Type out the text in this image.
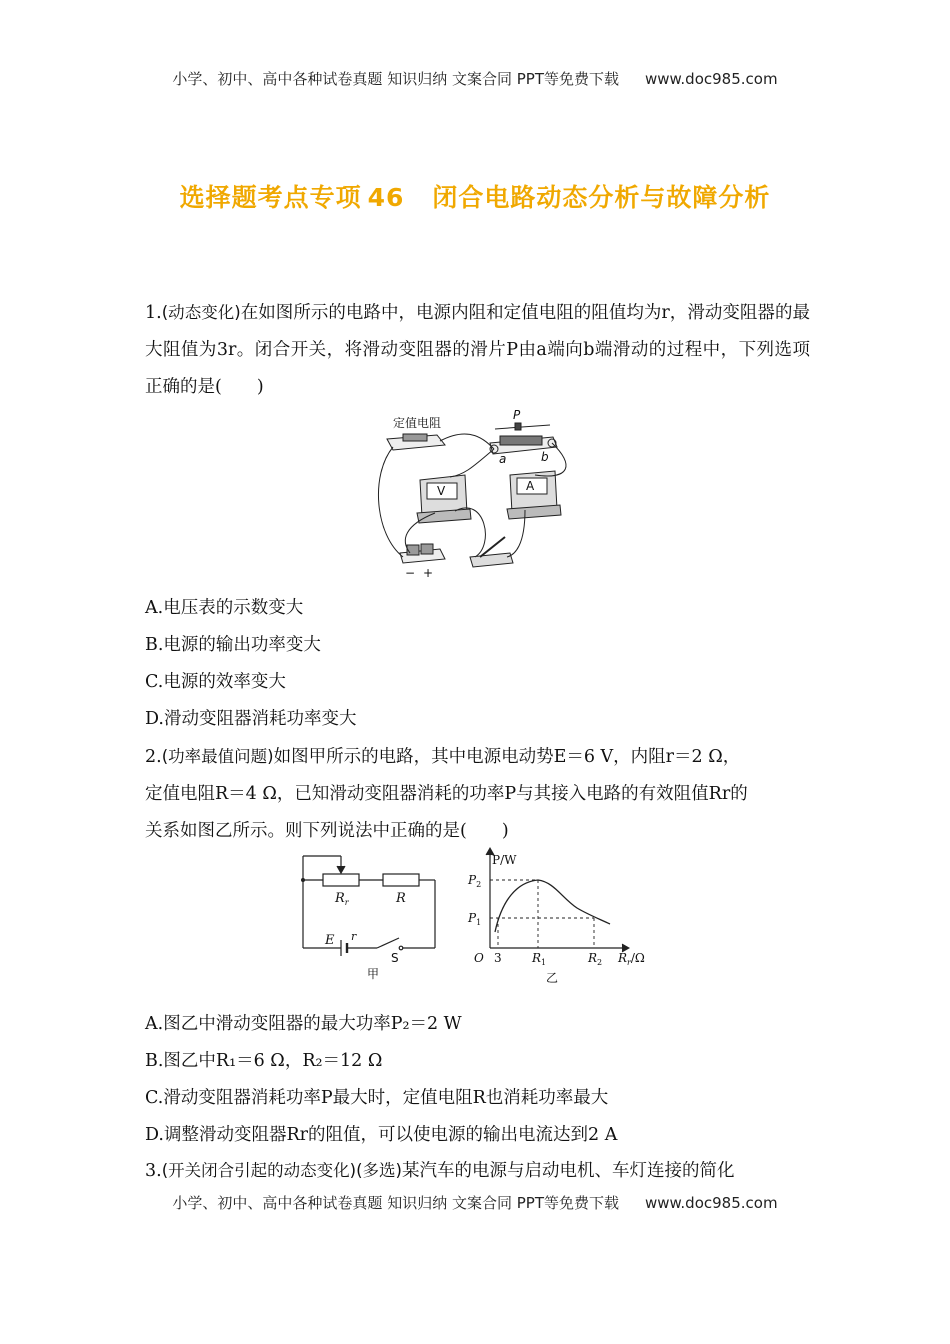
小学、初中、高中各种试卷真题 知识归纳 文案合同 PPT等免费下载 www.doc985.com
选择题考点专项 46 闭合电路动态分析与故障分析
1.(动态变化)在如图所示的电路中，电源内阻和定值电阻的阻值均为r，滑动变阻器的最大阻值为3r。闭合开关，将滑动变阻器的滑片P由a端向b端滑动的过程中，下列选项正确的是(　　)
定值电阻
P
a	b
V	A
− +
A.电压表的示数变大
B.电源的输出功率变大
C.电源的效率变大
D.滑动变阻器消耗功率变大
2.(功率最值问题)如图甲所示的电路，其中电源电动势E＝6 V，内阻r＝2 Ω，
定值电阻R＝4 Ω，已知滑动变阻器消耗的功率P与其接入电路的有效阻值Rr的
关系如图乙所示。则下列说法中正确的是(　　)
$R_r$	R
E r
S
甲
P/W
$P_2$
$P_1$
O 3	$R_1$	$R_2$ $R_r/\Omega$
乙
A.图乙中滑动变阻器的最大功率P₂＝2 W
B.图乙中R₁＝6 Ω，R₂＝12 Ω
C.滑动变阻器消耗功率P最大时，定值电阻R也消耗功率最大
D.调整滑动变阻器Rr的阻值，可以使电源的输出电流达到2 A
3.(开关闭合引起的动态变化)(多选)某汽车的电源与启动电机、车灯连接的简化
小学、初中、高中各种试卷真题 知识归纳 文案合同 PPT等免费下载 www.doc985.com
